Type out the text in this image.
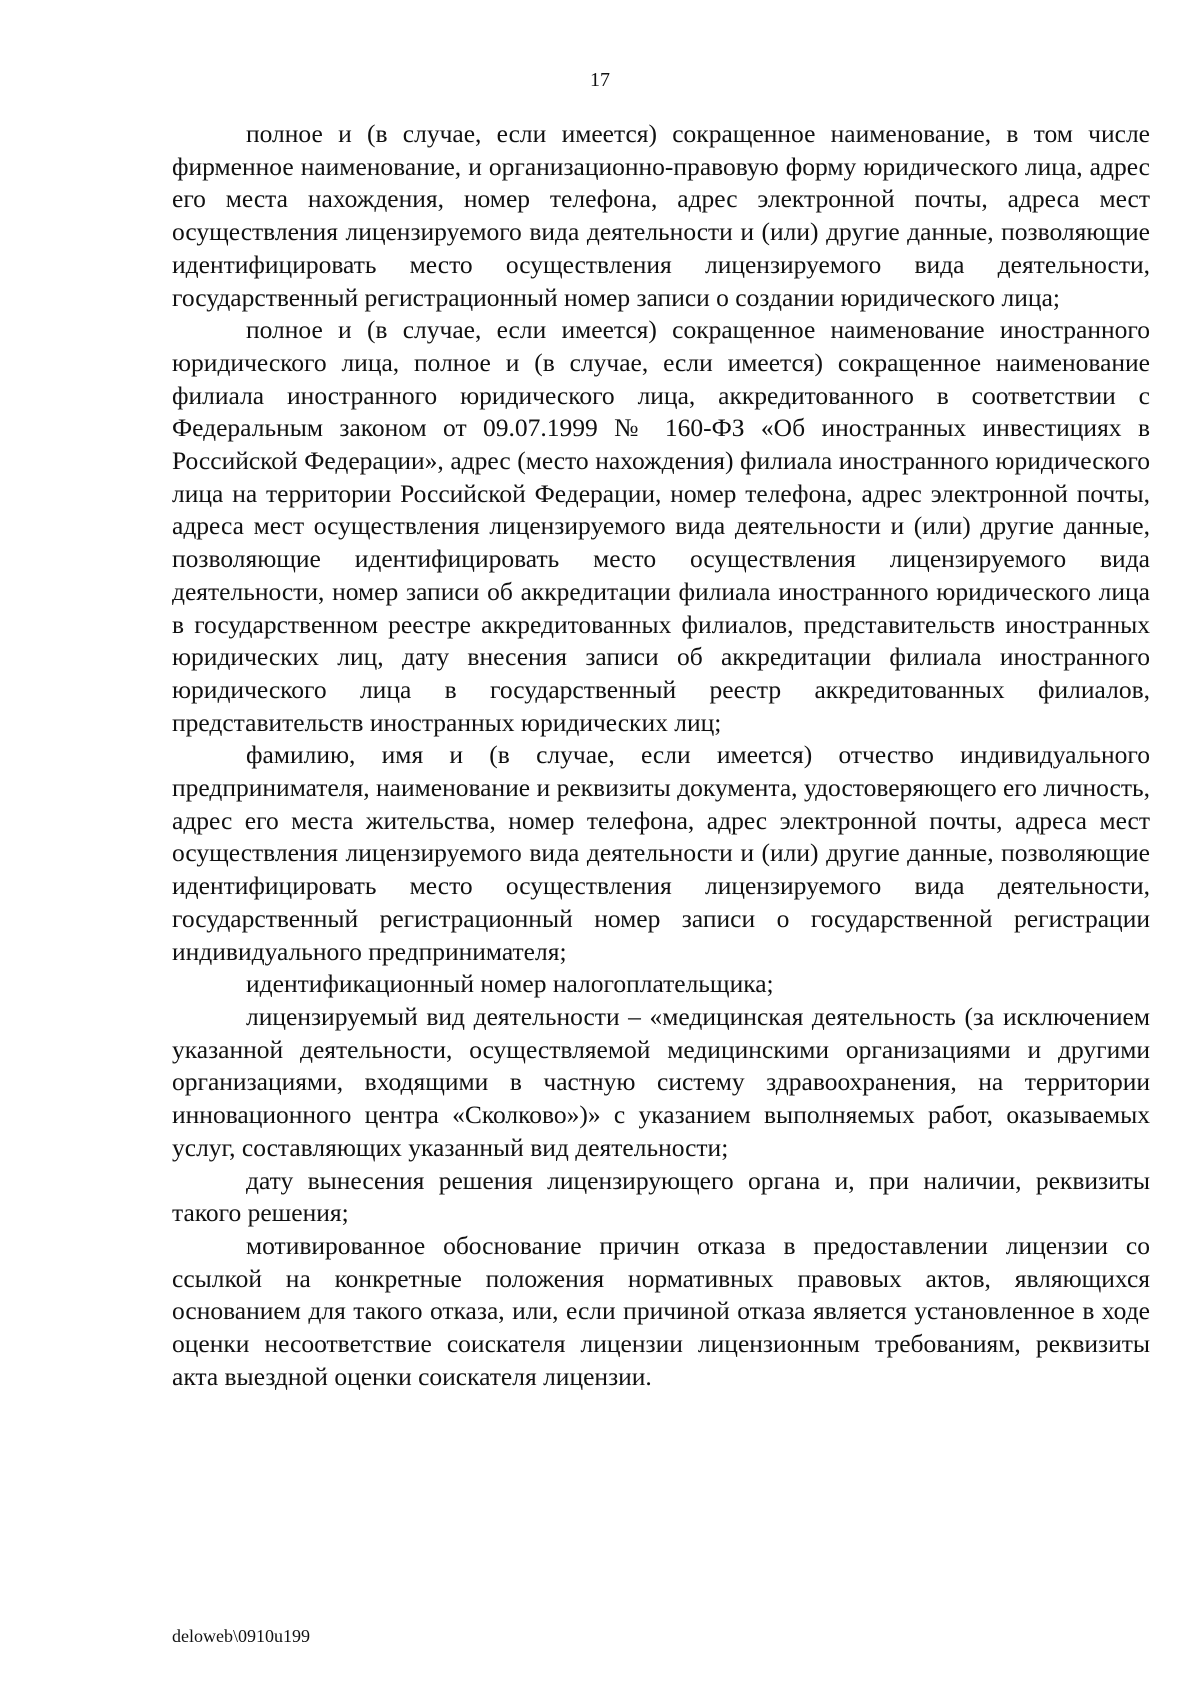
17

полное и (в случае, если имеется) сокращенное наименование, в том числе фирменное наименование, и организационно-правовую форму юридического лица, адрес его места нахождения, номер телефона, адрес электронной почты, адреса мест осуществления лицензируемого вида деятельности и (или) другие данные, позволяющие идентифицировать место осуществления лицензируемого вида деятельности, государственный регистрационный номер записи о создании юридического лица;

полное и (в случае, если имеется) сокращенное наименование иностранного юридического лица, полное и (в случае, если имеется) сокращенное наименование филиала иностранного юридического лица, аккредитованного в соответствии с Федеральным законом от 09.07.1999 № 160-ФЗ «Об иностранных инвестициях в Российской Федерации», адрес (место нахождения) филиала иностранного юридического лица на территории Российской Федерации, номер телефона, адрес электронной почты, адреса мест осуществления лицензируемого вида деятельности и (или) другие данные, позволяющие идентифицировать место осуществления лицензируемого вида деятельности, номер записи об аккредитации филиала иностранного юридического лица в государственном реестре аккредитованных филиалов, представительств иностранных юридических лиц, дату внесения записи об аккредитации филиала иностранного юридического лица в государственный реестр аккредитованных филиалов, представительств иностранных юридических лиц;

фамилию, имя и (в случае, если имеется) отчество индивидуального предпринимателя, наименование и реквизиты документа, удостоверяющего его личность, адрес его места жительства, номер телефона, адрес электронной почты, адреса мест осуществления лицензируемого вида деятельности и (или) другие данные, позволяющие идентифицировать место осуществления лицензируемого вида деятельности, государственный регистрационный номер записи о государственной регистрации индивидуального предпринимателя;

идентификационный номер налогоплательщика;

лицензируемый вид деятельности – «медицинская деятельность (за исключением указанной деятельности, осуществляемой медицинскими организациями и другими организациями, входящими в частную систему здравоохранения, на территории инновационного центра «Сколково»)» с указанием выполняемых работ, оказываемых услуг, составляющих указанный вид деятельности;

дату вынесения решения лицензирующего органа и, при наличии, реквизиты такого решения;

мотивированное обоснование причин отказа в предоставлении лицензии со ссылкой на конкретные положения нормативных правовых актов, являющихся основанием для такого отказа, или, если причиной отказа является установленное в ходе оценки несоответствие соискателя лицензии лицензионным требованиям, реквизиты акта выездной оценки соискателя лицензии.

deloweb\0910u199
